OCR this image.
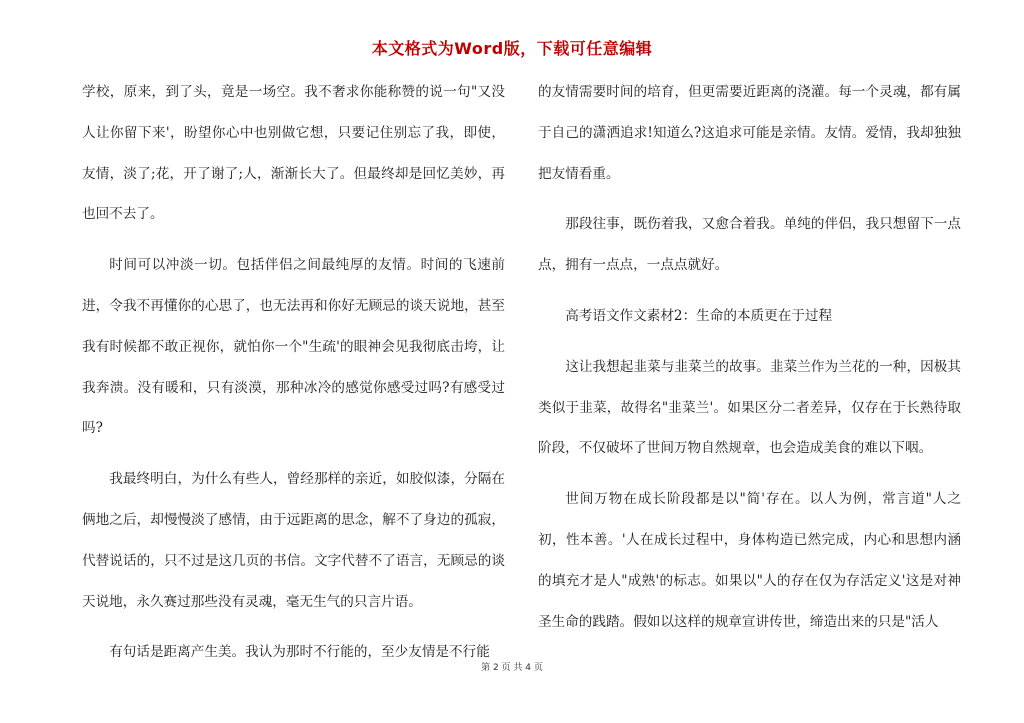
本文格式为Word版，下载可任意编辑

学校，原来，到了头，竟是一场空。我不奢求你能称赞的说一句"又没人让你留下来'，盼望你心中也别做它想，只要记住别忘了我，即使，友情，淡了;花，开了谢了;人，渐渐长大了。但最终却是回忆美妙，再也回不去了。

时间可以冲淡一切。包括伴侣之间最纯厚的友情。时间的飞速前进，令我不再懂你的心思了，也无法再和你好无顾忌的谈天说地，甚至我有时候都不敢正视你，就怕你一个"生疏'的眼神会见我彻底击垮，让我奔溃。没有暖和，只有淡漠，那种冰冷的感觉你感受过吗?有感受过吗?

我最终明白，为什么有些人，曾经那样的亲近，如胶似漆，分隔在俩地之后，却慢慢淡了感情，由于远距离的思念，解不了身边的孤寂，代替说话的，只不过是这几页的书信。文字代替不了语言，无顾忌的谈天说地，永久赛过那些没有灵魂，毫无生气的只言片语。

有句话是距离产生美。我认为那时不行能的，至少友情是不行能

的友情需要时间的培育，但更需要近距离的浇灌。每一个灵魂，都有属于自己的潇洒追求!知道么?这追求可能是亲情。友情。爱情，我却独独把友情看重。

那段往事，既伤着我，又愈合着我。单纯的伴侣，我只想留下一点点，拥有一点点，一点点就好。

高考语文作文素材2：生命的本质更在于过程

这让我想起韭菜与韭菜兰的故事。韭菜兰作为兰花的一种，因极其类似于韭菜，故得名"韭菜兰'。如果区分二者差异，仅存在于长熟待取阶段，不仅破坏了世间万物自然规章，也会造成美食的难以下咽。

世间万物在成长阶段都是以"简'存在。以人为例，常言道"人之初，性本善。'人在成长过程中，身体构造已然完成，内心和思想内涵的填充才是人"成熟'的标志。如果以"人的存在仅为存活定义'这是对神圣生命的践踏。假如以这样的规章宣讲传世，缔造出来的只是"活人

第 2 页 共 4 页
